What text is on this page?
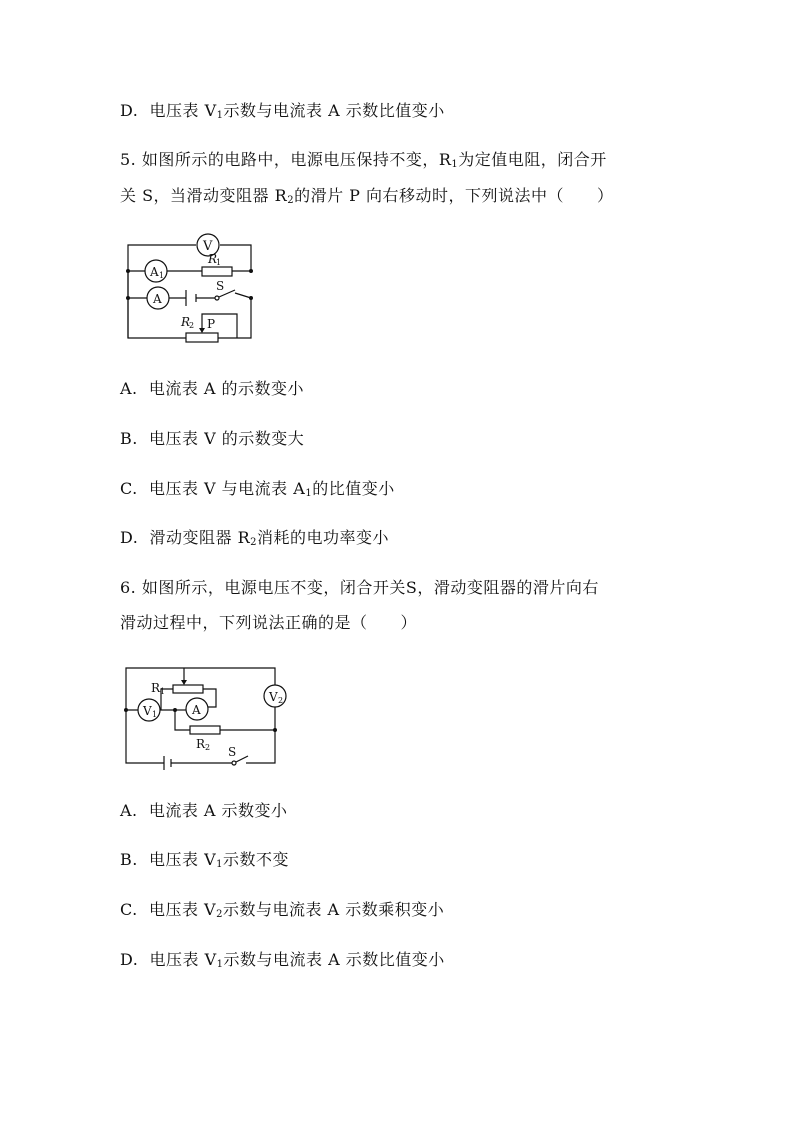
D. 电压表 $V_1$示数与电流表 A 示数比值变小
5. 如图所示的电路中，电源电压保持不变，$R_1$为定值电阻，闭合开
关 S，当滑动变阻器 $R_2$的滑片 P 向右移动时，下列说法中（　　）
V
A 1
R
1
A
S
R
2 P
A. 电流表 A 的示数变小
B. 电压表 V 的示数变大
C. 电压表 V 与电流表 $A_1$的比值变小
D. 滑动变阻器 $R_2$消耗的电功率变小
6. 如图所示，电源电压不变，闭合开关S，滑动变阻器的滑片向右
滑动过程中，下列说法正确的是（　　）
V 2
R 1
V 1	A
R 2 S
A. 电流表 A 示数变小
B. 电压表 $V_1$示数不变
C. 电压表 $V_2$示数与电流表 A 示数乘积变小
D. 电压表 $V_1$示数与电流表 A 示数比值变小
